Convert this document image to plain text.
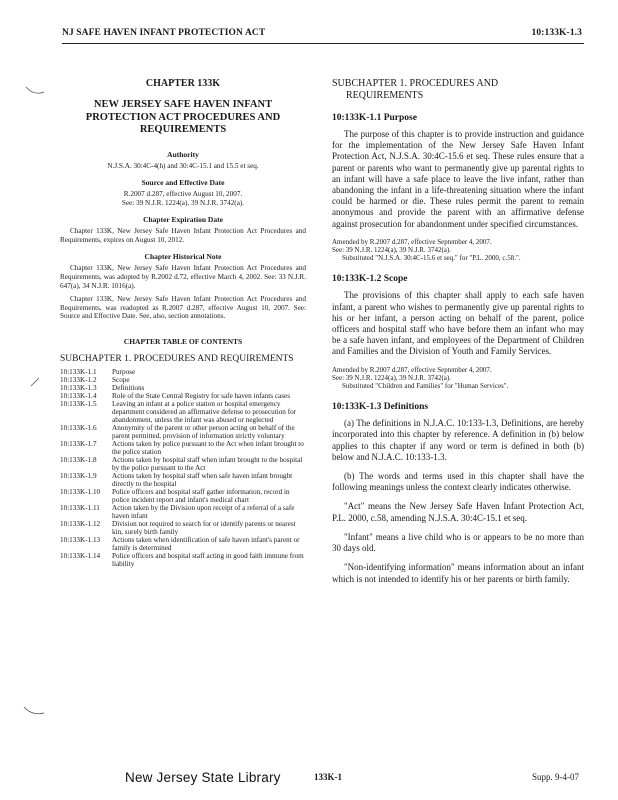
NJ SAFE HAVEN INFANT PROTECTION ACT	10:133K-1.3
CHAPTER 133K
NEW JERSEY SAFE HAVEN INFANT PROTECTION ACT PROCEDURES AND REQUIREMENTS
Authority
N.J.S.A. 30:4C-4(h) and 30:4C-15.1 and 15.5 et seq.
Source and Effective Date
R.2007 d.287, effective August 10, 2007.
See: 39 N.J.R. 1224(a), 39 N.J.R. 3742(a).
Chapter Expiration Date
Chapter 133K, New Jersey Safe Haven Infant Protection Act Procedures and Requirements, expires on August 10, 2012.
Chapter Historical Note
Chapter 133K, New Jersey Safe Haven Infant Protection Act Procedures and Requirements, was adopted by R.2002 d.72, effective March 4, 2002. See: 33 N.J.R. 647(a), 34 N.J.R. 1016(a).
Chapter 133K, New Jersey Safe Haven Infant Protection Act Procedures and Requirements, was readopted as R.2007 d.287, effective August 10, 2007. See: Source and Effective Date. See, also, section annotations.
CHAPTER TABLE OF CONTENTS
SUBCHAPTER 1. PROCEDURES AND REQUIREMENTS
10:133K-1.1	Purpose
10:133K-1.2	Scope
10:133K-1.3	Definitions
10:133K-1.4	Role of the State Central Registry for safe haven infants cases
10:133K-1.5	Leaving an infant at a police station or hospital emergency department considered an affirmative defense to prosecution for abandonment, unless the infant was abused or neglected
10:133K-1.6	Anonymity of the parent or other person acting on behalf of the parent permitted, provision of information strictly voluntary
10:133K-1.7	Actions taken by police pursuant to the Act when infant brought to the police station
10:133K-1.8	Actions taken by hospital staff when infant brought to the hospital by the police pursuant to the Act
10:133K-1.9	Actions taken by hospital staff when safe haven infant brought directly to the hospital
10:133K-1.10	Police officers and hospital staff gather information, record in police incident report and infant's medical chart
10:133K-1.11	Action taken by the Division upon receipt of a referral of a safe haven infant
10:133K-1.12	Division not required to search for or identify parents or nearest kin, surely birth family
10:133K-1.13	Actions taken when identification of safe haven infant's parent or family is determined
10:133K-1.14	Police officers and hospital staff acting in good faith immune from liability
SUBCHAPTER 1. PROCEDURES AND
REQUIREMENTS
10:133K-1.1 Purpose
The purpose of this chapter is to provide instruction and guidance for the implementation of the New Jersey Safe Haven Infant Protection Act, N.J.S.A. 30:4C-15.6 et seq. These rules ensure that a parent or parents who want to permanently give up parental rights to an infant will have a safe place to leave the live infant, rather than abandoning the infant in a life-threatening situation where the infant could be harmed or die. These rules permit the parent to remain anonymous and provide the parent with an affirmative defense against prosecution for abandonment under specified circumstances.
Amended by R.2007 d.287, effective September 4, 2007.
See: 39 N.J.R. 1224(a), 39 N.J.R. 3742(a).
Substituted "N.J.S.A. 30:4C-15.6 et seq." for "P.L. 2000, c.58.".
10:133K-1.2 Scope
The provisions of this chapter shall apply to each safe haven infant, a parent who wishes to permanently give up parental rights to his or her infant, a person acting on behalf of the parent, police officers and hospital staff who have before them an infant who may be a safe haven infant, and employees of the Department of Children and Families and the Division of Youth and Family Services.
Amended by R.2007 d.287, effective September 4, 2007.
See: 39 N.J.R. 1224(a), 39 N.J.R. 3742(a).
Substituted "Children and Families" for "Human Services".
10:133K-1.3 Definitions
(a) The definitions in N.J.A.C. 10:133-1.3, Definitions, are hereby incorporated into this chapter by reference. A definition in (b) below applies to this chapter if any word or term is defined in both (b) below and N.J.A.C. 10:133-1.3.
(b) The words and terms used in this chapter shall have the following meanings unless the context clearly indicates otherwise.
"Act" means the New Jersey Safe Haven Infant Protection Act, P.L. 2000, c.58, amending N.J.S.A. 30:4C-15.1 et seq.
"Infant" means a live child who is or appears to be no more than 30 days old.
"Non-identifying information" means information about an infant which is not intended to identify his or her parents or birth family.
New Jersey State Library	133K-1	Supp. 9-4-07
